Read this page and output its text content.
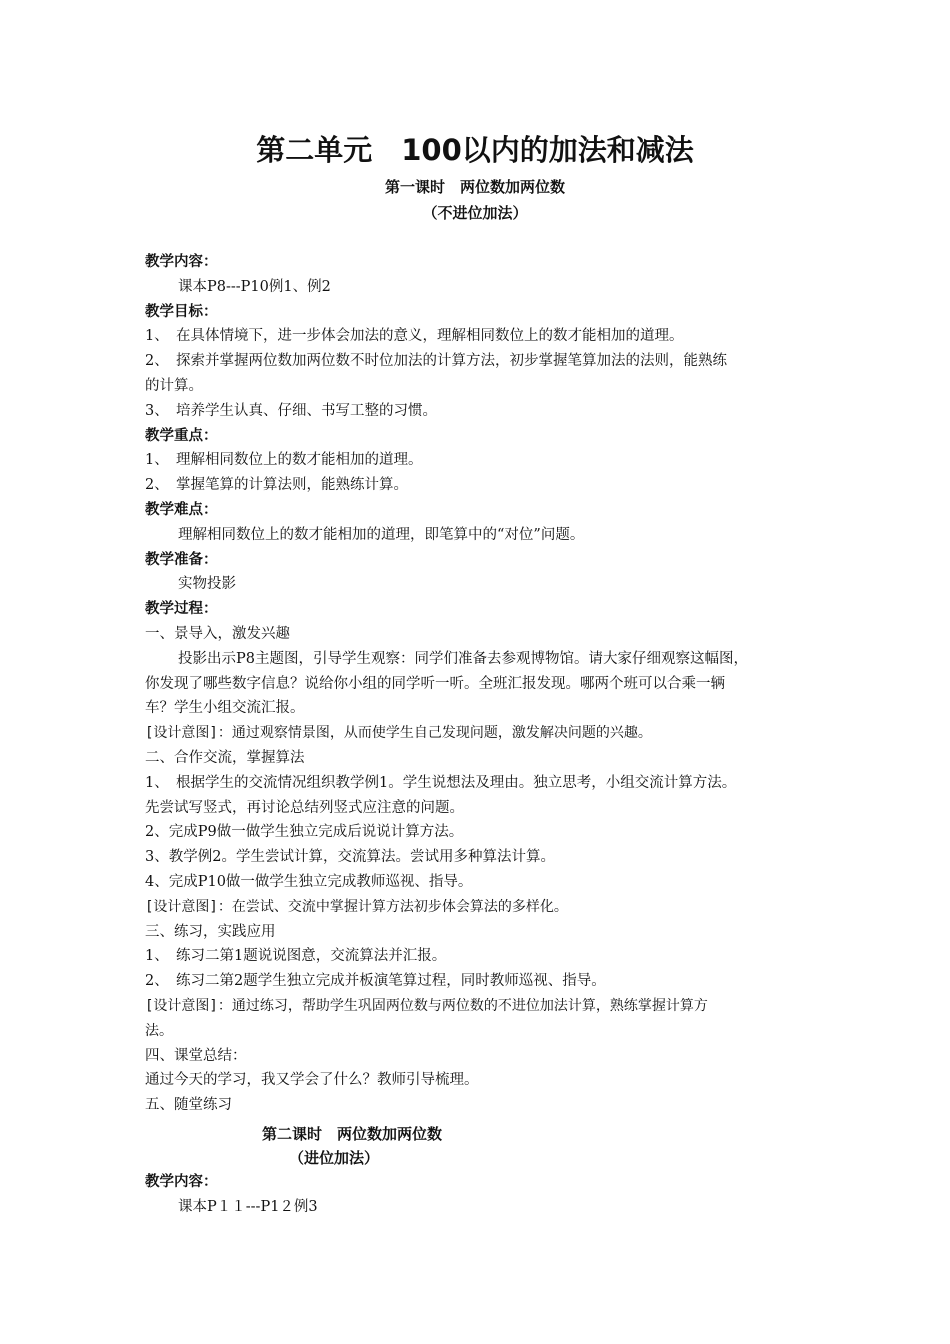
第二单元　100以内的加法和减法
第一课时　两位数加两位数
（不进位加法）
教学内容：
课本P8---P10例1、例2
教学目标：
1、　在具体情境下，进一步体会加法的意义，理解相同数位上的数才能相加的道理。
2、　探索并掌握两位数加两位数不时位加法的计算方法，初步掌握笔算加法的法则，能熟练
的计算。
3、　培养学生认真、仔细、书写工整的习惯。
教学重点：
1、　理解相同数位上的数才能相加的道理。
2、　掌握笔算的计算法则，能熟练计算。
教学难点：
理解相同数位上的数才能相加的道理，即笔算中的“对位”问题。
教学准备：
实物投影
教学过程：
一、景导入，激发兴趣
投影出示P8主题图，引导学生观察：同学们准备去参观博物馆。请大家仔细观察这幅图，
你发现了哪些数字信息？说给你小组的同学听一听。全班汇报发现。哪两个班可以合乘一辆
车？学生小组交流汇报。
[设计意图]：通过观察情景图，从而使学生自己发现问题，激发解决问题的兴趣。
二、合作交流，掌握算法
1、　根据学生的交流情况组织教学例1。学生说想法及理由。独立思考，小组交流计算方法。
先尝试写竖式，再讨论总结列竖式应注意的问题。
2、完成P9做一做学生独立完成后说说计算方法。
3、教学例2。学生尝试计算，交流算法。尝试用多种算法计算。
4、完成P10做一做学生独立完成教师巡视、指导。
[设计意图]：在尝试、交流中掌握计算方法初步体会算法的多样化。
三、练习，实践应用
1、　练习二第1题说说图意，交流算法并汇报。
2、　练习二第2题学生独立完成并板演笔算过程，同时教师巡视、指导。
[设计意图]：通过练习，帮助学生巩固两位数与两位数的不进位加法计算，熟练掌握计算方
法。
四、课堂总结：
通过今天的学习，我又学会了什么？教师引导梳理。
五、随堂练习
第二课时　两位数加两位数
（进位加法）
教学内容：
课本P１１---P1２例3
